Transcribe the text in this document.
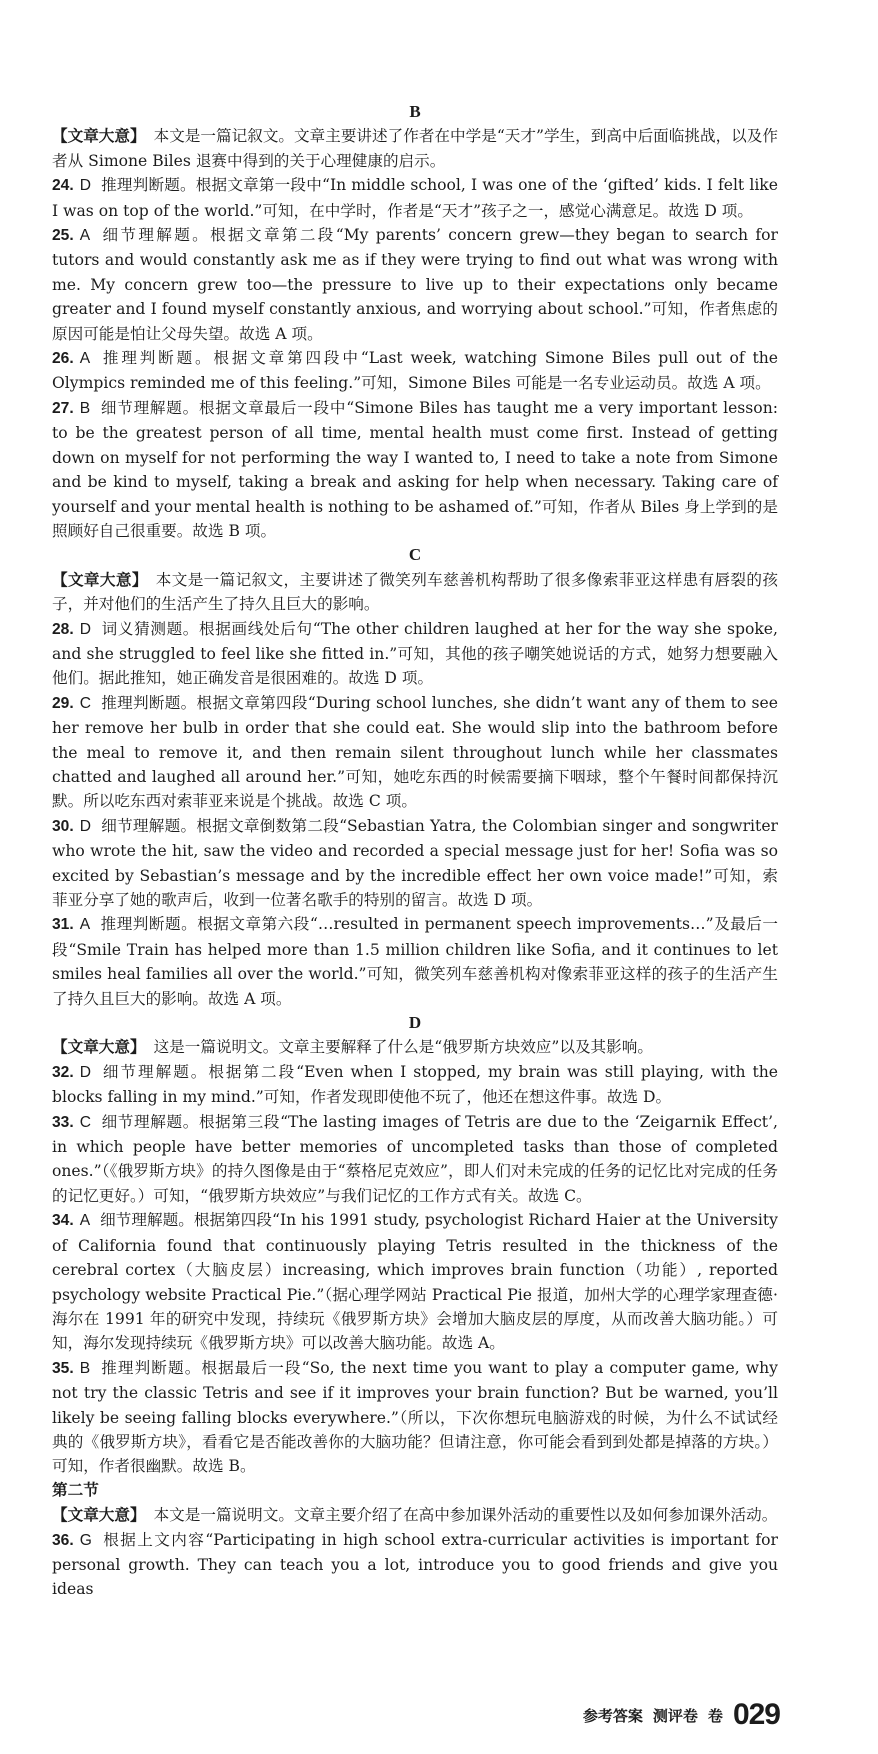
B

【文章大意】 本文是一篇记叙文。文章主要讲述了作者在中学是“天才”学生，到高中后面临挑战，以及作者从 Simone Biles 退赛中得到的关于心理健康的启示。

24. D 推理判断题。根据文章第一段中“In middle school, I was one of the ‘gifted’ kids. I felt like I was on top of the world.”可知，在中学时，作者是“天才”孩子之一，感觉心满意足。故选 D 项。

25. A 细节理解题。根据文章第二段“My parents’ concern grew—they began to search for tutors and would constantly ask me as if they were trying to find out what was wrong with me. My concern grew too—the pressure to live up to their expectations only became greater and I found myself constantly anxious, and worrying about school.”可知，作者焦虑的原因可能是怕让父母失望。故选 A 项。

26. A 推理判断题。根据文章第四段中“Last week, watching Simone Biles pull out of the Olympics reminded me of this feeling.”可知，Simone Biles 可能是一名专业运动员。故选 A 项。

27. B 细节理解题。根据文章最后一段中“Simone Biles has taught me a very important lesson: to be the greatest person of all time, mental health must come first. Instead of getting down on myself for not performing the way I wanted to, I need to take a note from Simone and be kind to myself, taking a break and asking for help when necessary. Taking care of yourself and your mental health is nothing to be ashamed of.”可知，作者从 Biles 身上学到的是照顾好自己很重要。故选 B 项。

C

【文章大意】 本文是一篇记叙文，主要讲述了微笑列车慈善机构帮助了很多像索菲亚这样患有唇裂的孩子，并对他们的生活产生了持久且巨大的影响。

28. D 词义猜测题。根据画线处后句“The other children laughed at her for the way she spoke, and she struggled to feel like she fitted in.”可知，其他的孩子嘲笑她说话的方式，她努力想要融入他们。据此推知，她正确发音是很困难的。故选 D 项。

29. C 推理判断题。根据文章第四段“During school lunches, she didn’t want any of them to see her remove her bulb in order that she could eat. She would slip into the bathroom before the meal to remove it, and then remain silent throughout lunch while her classmates chatted and laughed all around her.”可知，她吃东西的时候需要摘下咽球，整个午餐时间都保持沉默。所以吃东西对索菲亚来说是个挑战。故选 C 项。

30. D 细节理解题。根据文章倒数第二段“Sebastian Yatra, the Colombian singer and songwriter who wrote the hit, saw the video and recorded a special message just for her! Sofia was so excited by Sebastian’s message and by the incredible effect her own voice made!”可知，索菲亚分享了她的歌声后，收到一位著名歌手的特别的留言。故选 D 项。

31. A 推理判断题。根据文章第六段“…resulted in permanent speech improvements…”及最后一段“Smile Train has helped more than 1.5 million children like Sofia, and it continues to let smiles heal families all over the world.”可知，微笑列车慈善机构对像索菲亚这样的孩子的生活产生了持久且巨大的影响。故选 A 项。

D

【文章大意】 这是一篇说明文。文章主要解释了什么是“俄罗斯方块效应”以及其影响。

32. D 细节理解题。根据第二段“Even when I stopped, my brain was still playing, with the blocks falling in my mind.”可知，作者发现即使他不玩了，他还在想这件事。故选 D。

33. C 细节理解题。根据第三段“The lasting images of Tetris are due to the ‘Zeigarnik Effect’, in which people have better memories of uncompleted tasks than those of completed ones.”（《俄罗斯方块》的持久图像是由于“蔡格尼克效应”，即人们对未完成的任务的记忆比对完成的任务的记忆更好。）可知，“俄罗斯方块效应”与我们记忆的工作方式有关。故选 C。

34. A 细节理解题。根据第四段“In his 1991 study, psychologist Richard Haier at the University of California found that continuously playing Tetris resulted in the thickness of the cerebral cortex（大脑皮层）increasing, which improves brain function（功能）, reported psychology website Practical Pie.”（据心理学网站 Practical Pie 报道，加州大学的心理学家理查德·海尔在 1991 年的研究中发现，持续玩《俄罗斯方块》会增加大脑皮层的厚度，从而改善大脑功能。）可知，海尔发现持续玩《俄罗斯方块》可以改善大脑功能。故选 A。

35. B 推理判断题。根据最后一段“So, the next time you want to play a computer game, why not try the classic Tetris and see if it improves your brain function? But be warned, you’ll likely be seeing falling blocks everywhere.”（所以，下次你想玩电脑游戏的时候，为什么不试试经典的《俄罗斯方块》，看看它是否能改善你的大脑功能？但请注意，你可能会看到到处都是掉落的方块。）可知，作者很幽默。故选 B。

第二节

【文章大意】 本文是一篇说明文。文章主要介绍了在高中参加课外活动的重要性以及如何参加课外活动。

36. G 根据上文内容“Participating in high school extra-curricular activities is important for personal growth. They can teach you a lot, introduce you to good friends and give you ideas

参考答案 测评卷 卷 029
